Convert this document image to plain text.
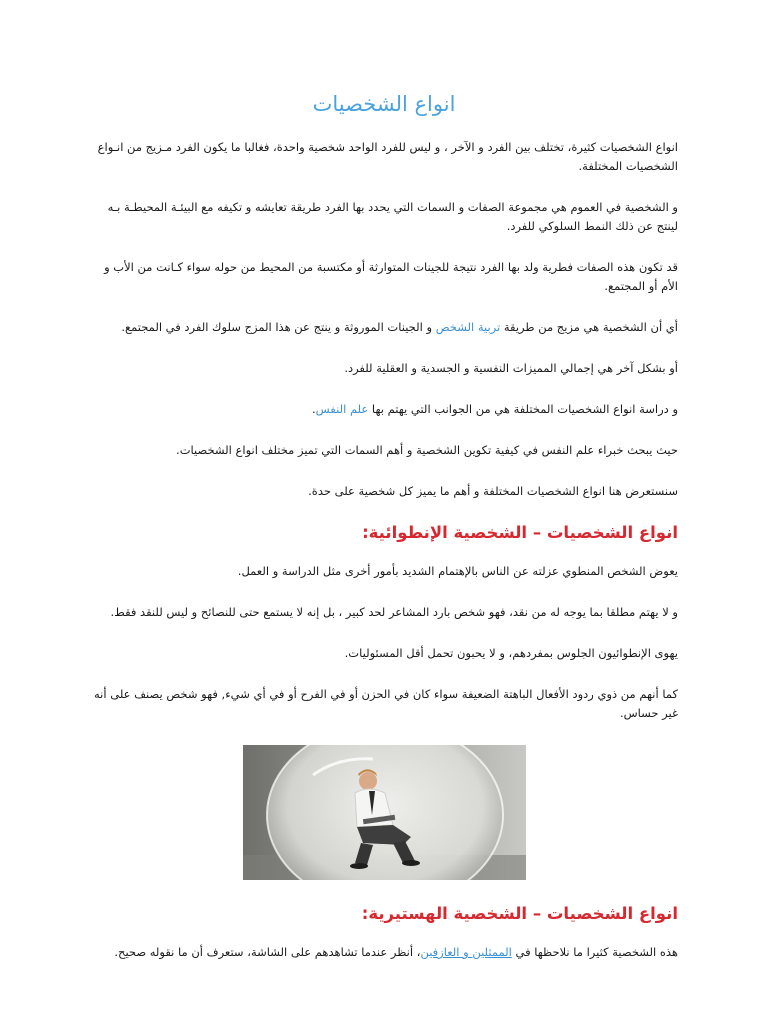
انواع الشخصيات

انواع الشخصيات كثيرة، تختلف بين الفرد و الآخر ، و ليس للفرد الواحد شخصية واحدة، فغالبا ما يكون الفرد مـزيج من انـواع الشخصيات المختلفة.

و الشخصية في العموم هي مجموعة الصفات و السمات التي يحدد بها الفرد طريقة تعايشه و تكيفه مع البيئـة المحيطـة بـه لينتج عن ذلك النمط السلوكي للفرد.

قد تكون هذه الصفات فطرية ولد بها الفرد نتيجة للجينات المتوارثة أو مكتسبة من المحيط من حوله سواء كـانت من الأب و الأم أو المجتمع.

أي أن الشخصية هي مزيج من طريقة تربية الشخص و الجينات الموروثة و ينتج عن هذا المزج سلوك الفرد في المجتمع.

أو بشكل آخر هي إجمالي المميزات النفسية و الجسدية و العقلية للفرد.

و دراسة انواع الشخصيات المختلفة هي من الجوانب التي يهتم بها علم النفس.

حيث يبحث خبراء علم النفس في كيفية تكوين الشخصية و أهم السمات التي تميز مختلف انواع الشخصيات.

سنستعرض هنا انواع الشخصيات المختلفة و أهم ما يميز كل شخصية على حدة.

انواع الشخصيات – الشخصية الإنطوائية:

يعوض الشخص المنطوي عزلته عن الناس بالإهتمام الشديد بأمور أخرى مثل الدراسة و العمل.

و لا يهتم مطلقا بما يوجه له من نقد، فهو شخص بارد المشاعر لحد كبير ، بل إنه لا يستمع حتى للنصائح و ليس للنقد فقط.

يهوى الإنطوائيون الجلوس بمفردهم، و لا يحبون تحمل أقل المسئوليات.

كما أنهم من ذوي ردود الأفعال الباهتة الضعيفة سواء كان في الحزن أو في الفرح أو في أي شيء, فهو شخص يصنف على أنه غير حساس.

انواع الشخصيات – الشخصية الهستيرية:

هذه الشخصية كثيرا ما نلاحظها في الممثلين و العازفين، أنظر عندما تشاهدهم على الشاشة، ستعرف أن ما نقوله صحيح.
